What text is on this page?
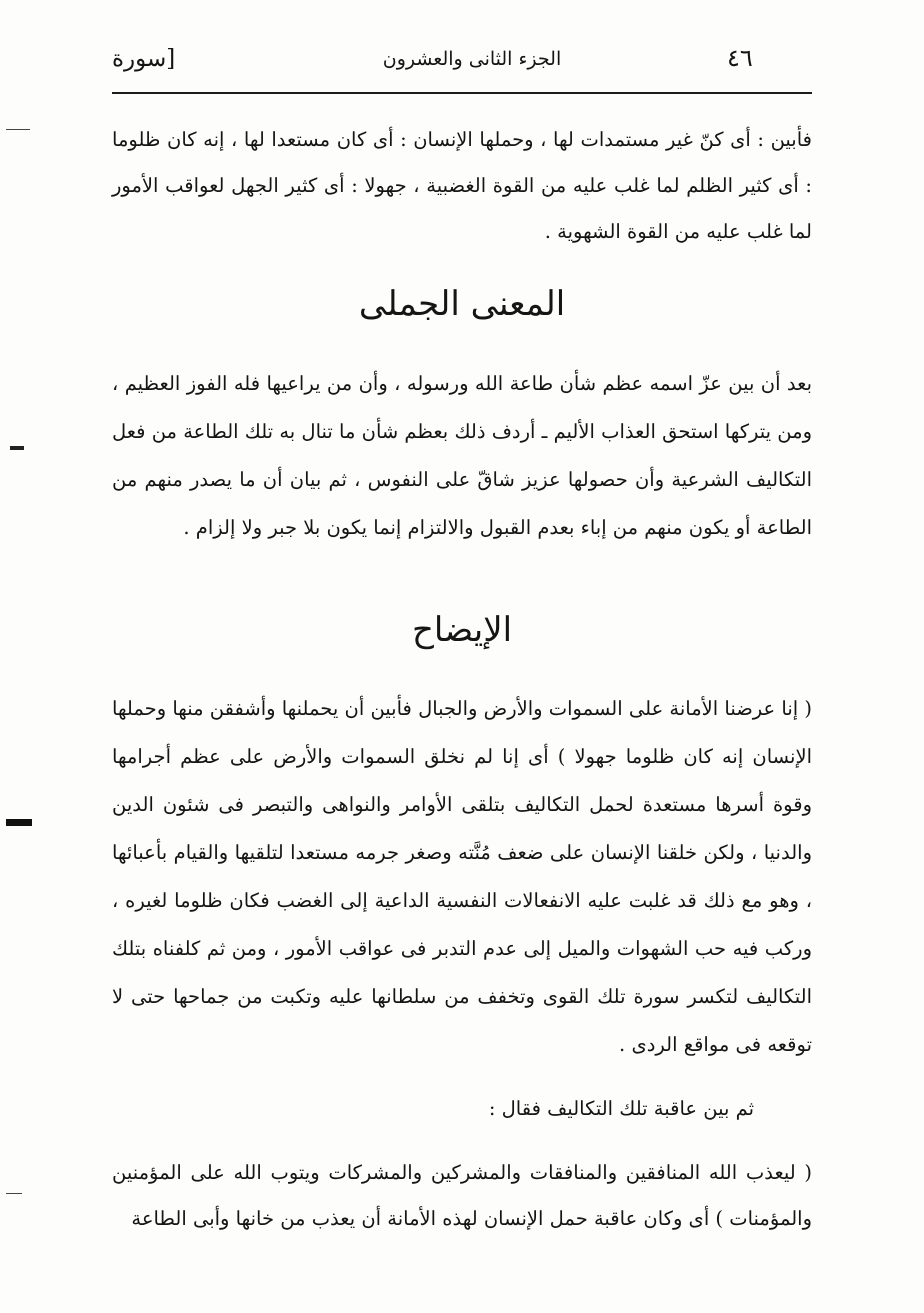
٤٦
الجزء الثانى والعشرون
[سورة

فأبين : أى كنّ غير مستمدات لها ، وحملها الإنسان : أى كان مستعدا لها ، إنه كان ظلوما : أى كثير الظلم لما غلب عليه من القوة الغضبية ، جهولا : أى كثير الجهل لعواقب الأمور لما غلب عليه من القوة الشهوية .

المعنى الجملى

بعد أن بين عزّ اسمه عظم شأن طاعة الله ورسوله ، وأن من يراعيها فله الفوز العظيم ، ومن يتركها استحق العذاب الأليم ـ أردف ذلك بعظم شأن ما تنال به تلك الطاعة من فعل التكاليف الشرعية وأن حصولها عزيز شاقّ على النفوس ، ثم بيان أن ما يصدر منهم من الطاعة أو يكون منهم من إباء بعدم القبول والالتزام إنما يكون بلا جبر ولا إلزام .

الإيضاح

( إنا عرضنا الأمانة على السموات والأرض والجبال فأبين أن يحملنها وأشفقن منها وحملها الإنسان إنه كان ظلوما جهولا ) أى إنا لم نخلق السموات والأرض على عظم أجرامها وقوة أسرها مستعدة لحمل التكاليف بتلقى الأوامر والنواهى والتبصر فى شئون الدين والدنيا ، ولكن خلقنا الإنسان على ضعف مُنَّته وصغر جرمه مستعدا لتلقيها والقيام بأعبائها ، وهو مع ذلك قد غلبت عليه الانفعالات النفسية الداعية إلى الغضب فكان ظلوما لغيره ، وركب فيه حب الشهوات والميل إلى عدم التدبر فى عواقب الأمور ، ومن ثم كلفناه بتلك التكاليف لتكسر سورة تلك القوى وتخفف من سلطانها عليه وتكبت من جماحها حتى لا توقعه فى مواقع الردى .

ثم بين عاقبة تلك التكاليف فقال :

( ليعذب الله المنافقين والمنافقات والمشركين والمشركات ويتوب الله على المؤمنين والمؤمنات ) أى وكان عاقبة حمل الإنسان لهذه الأمانة أن يعذب من خانها وأبى الطاعة
